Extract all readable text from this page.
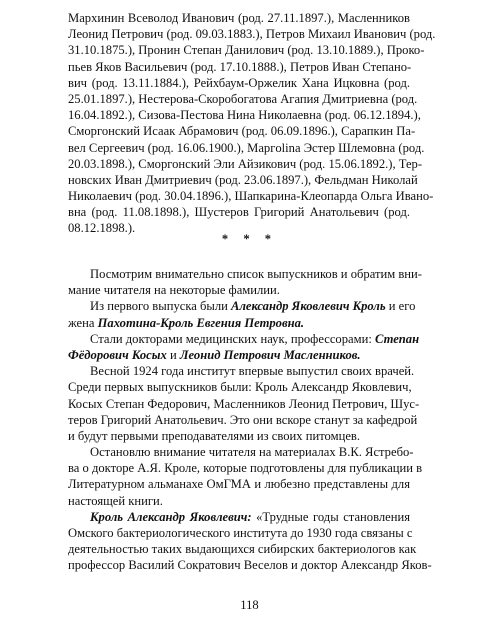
Мархинин Всеволод Иванович (род. 27.11.1897.), Масленников
Леонид Петрович (род. 09.03.1883.), Петров Михаил Иванович (род.
31.10.1875.), Пронин Степан Данилович (род. 13.10.1889.), Проко-
пьев Яков Васильевич (род. 17.10.1888.), Петров Иван Степано-
вич (род. 13.11.1884.), Рейхбаум-Оржелик Хана Ицковна (род.
25.01.1897.), Нестерова-Скоробогатова Агапия Дмитриевна (род.
16.04.1892.), Сизова-Пестова Нина Николаевна (род. 06.12.1894.),
Сморгонский Исаак Абрамович (род. 06.09.1896.), Сарапкин Па-
вел Сергеевич (род. 16.06.1900.), Маргolina Эстер Шлемовна (род.
20.03.1898.), Сморгонский Эли Айзикович (род. 15.06.1892.), Тер-
новских Иван Дмитриевич (род. 23.06.1897.), Фельдман Николай
Николаевич (род. 30.04.1896.), Шапкарина-Клеопарда Ольга Ивано-
вна (род. 11.08.1898.), Шустеров Григорий Анатольевич (род.
08.12.1898.).
* * *
Посмотрим внимательно список выпускников и обратим вни-
мание читателя на некоторые фамилии.
Из первого выпуска были Александр Яковлевич Кроль и его
жена Пахотина-Кроль Евгения Петровна.
Стали докторами медицинских наук, профессорами: Степан
Фёдорович Косых и Леонид Петрович Масленников.
Весной 1924 года институт впервые выпустил своих врачей.
Среди первых выпускников были: Кроль Александр Яковлевич,
Косых Степан Федорович, Масленников Леонид Петрович, Шус-
теров Григорий Анатольевич. Это они вскоре станут за кафедрой
и будут первыми преподавателями из своих питомцев.
Остановлю внимание читателя на материалах В.К. Ястребо-
ва о докторе А.Я. Кроле, которые подготовлены для публикации в
Литературном альманахе ОмГМА и любезно представлены для
настоящей книги.
Кроль Александр Яковлевич: «Трудные годы становления
Омского бактериологического института до 1930 года связаны с
деятельностью таких выдающихся сибирских бактериологов как
профессор Василий Сократович Веселов и доктор Александр Яков-
118
